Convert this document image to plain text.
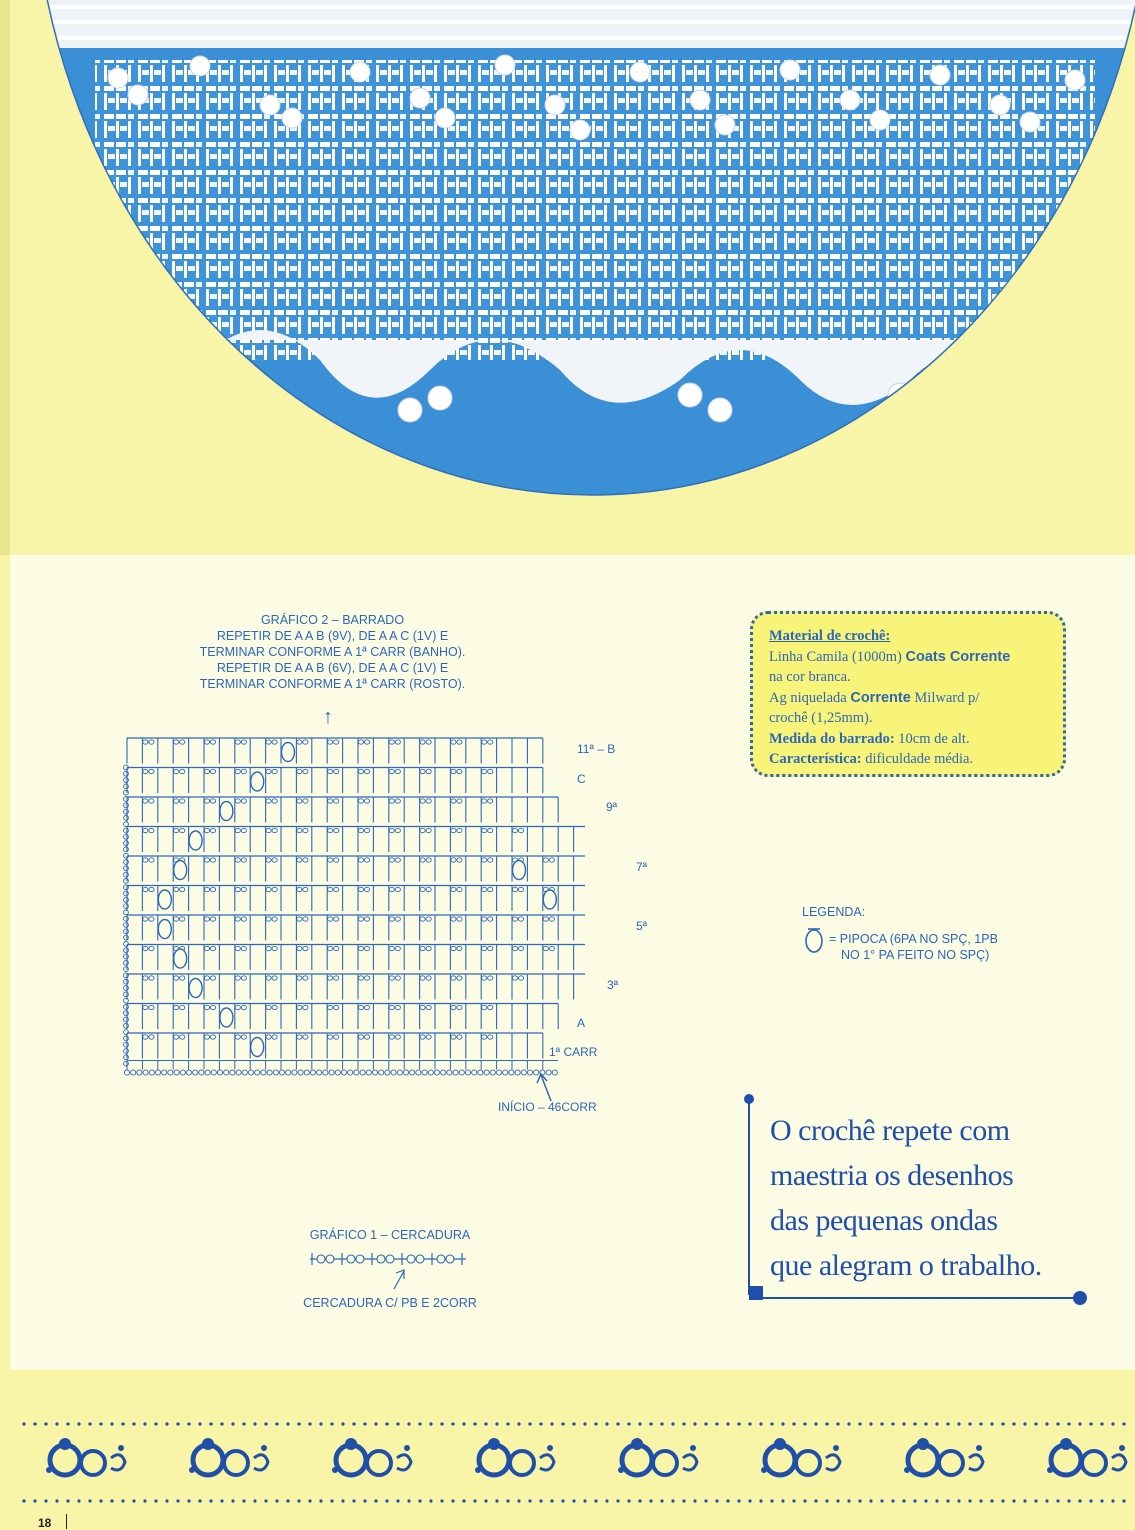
GRÁFICO 2 – BARRADO
REPETIR DE A A B (9V), DE A A C (1V) E
TERMINAR CONFORME A 1ª CARR (BANHO).
REPETIR DE A A B (6V), DE A A C (1V) E
TERMINAR CONFORME A 1ª CARR (ROSTO).
↑
11ª – B
C
9ª
7ª
5ª
3ª
A
1ª CARR
INÍCIO – 46CORR
GRÁFICO 1 – CERCADURA
CERCADURA C/ PB E 2CORR
Material de crochê:
Linha Camila (1000m) Coats Corrente
na cor branca.
Ag niquelada Corrente Milward p/
crochê (1,25mm).
Medida do barrado: 10cm de alt.
Característica: dificuldade média.
LEGENDA:
= PIPOCA (6PA NO SPÇ, 1PB
NO 1° PA FEITO NO SPÇ)
O crochê repete com
maestria os desenhos
das pequenas ondas
que alegram o trabalho.
18
